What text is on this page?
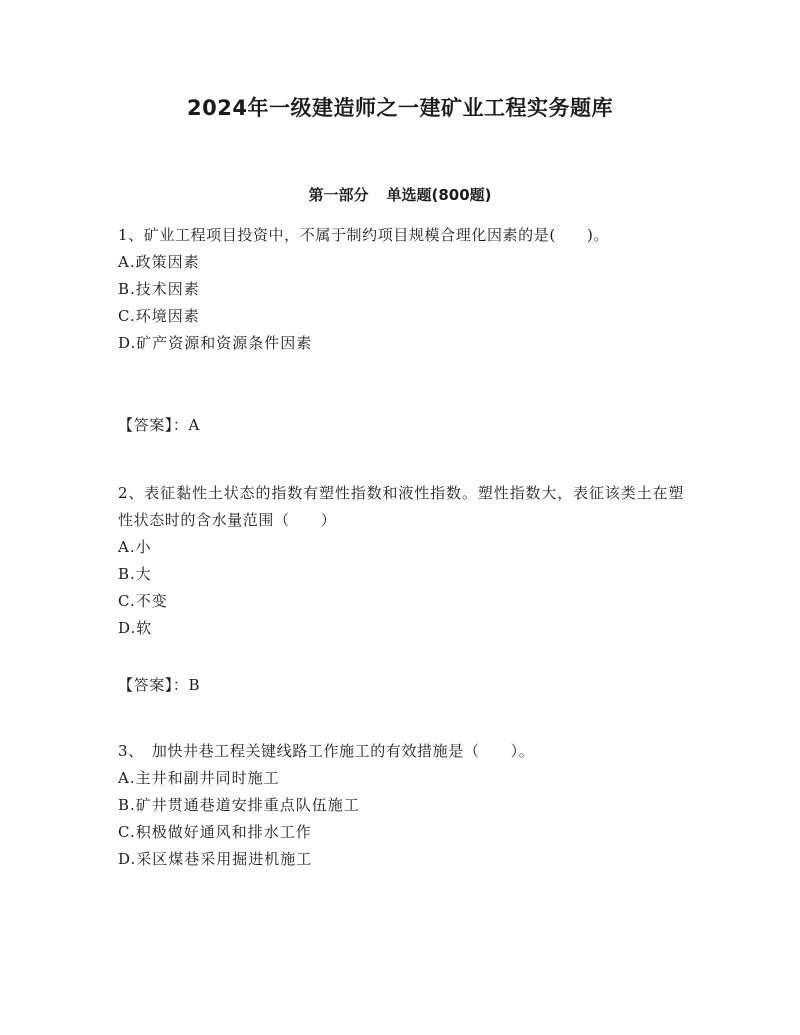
2024年一级建造师之一建矿业工程实务题库
第一部分 单选题(800题)

1、矿业工程项目投资中，不属于制约项目规模合理化因素的是(　　)。

A.政策因素
B.技术因素
C.环境因素
D.矿产资源和资源条件因素
【答案】：A

2、表征黏性土状态的指数有塑性指数和液性指数。塑性指数大，表征该类土在塑性状态时的含水量范围（　　）

A.小
B.大
C.不变
D.软
【答案】：B

3、　加快井巷工程关键线路工作施工的有效措施是（　　）。

A.主井和副井同时施工
B.矿井贯通巷道安排重点队伍施工
C.积极做好通风和排水工作
D.采区煤巷采用掘进机施工
